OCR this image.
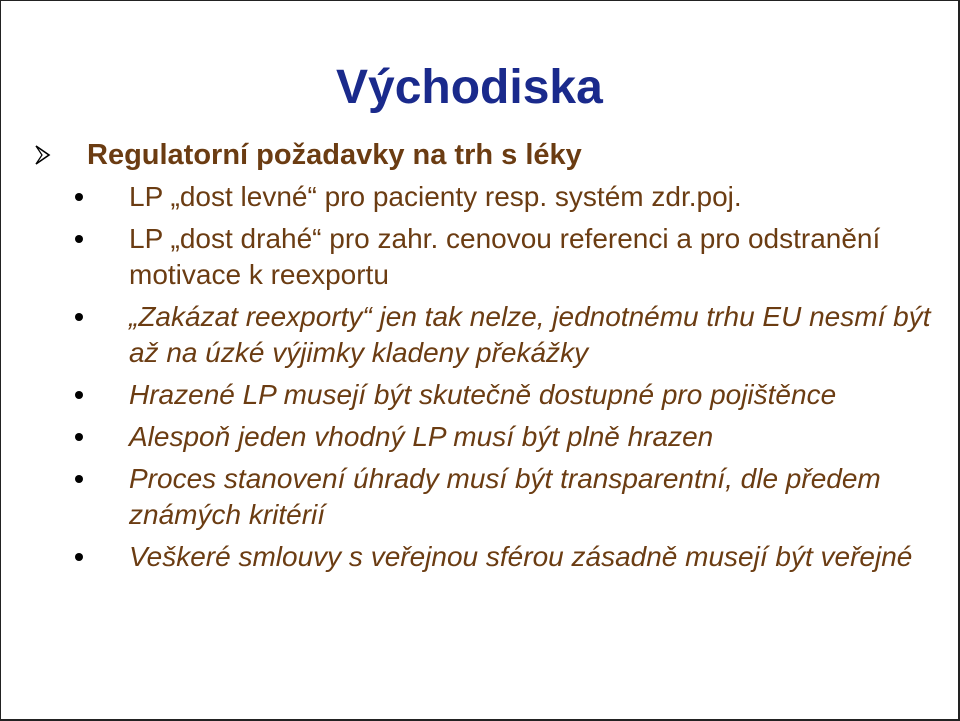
Východiska
Regulatorní požadavky na trh s léky
LP „dost levné“ pro pacienty resp. systém zdr.poj.
LP „dost drahé“ pro zahr. cenovou referenci a pro odstranění motivace k reexportu
„Zakázat reexporty“ jen tak nelze, jednotnému trhu EU nesmí být až na úzké výjimky kladeny překážky
Hrazené LP musejí být skutečně dostupné pro pojištěnce
Alespoň jeden vhodný LP musí být plně hrazen
Proces stanovení úhrady musí být transparentní, dle předem známých kritérií
Veškeré smlouvy s veřejnou sférou zásadně musejí být veřejné
